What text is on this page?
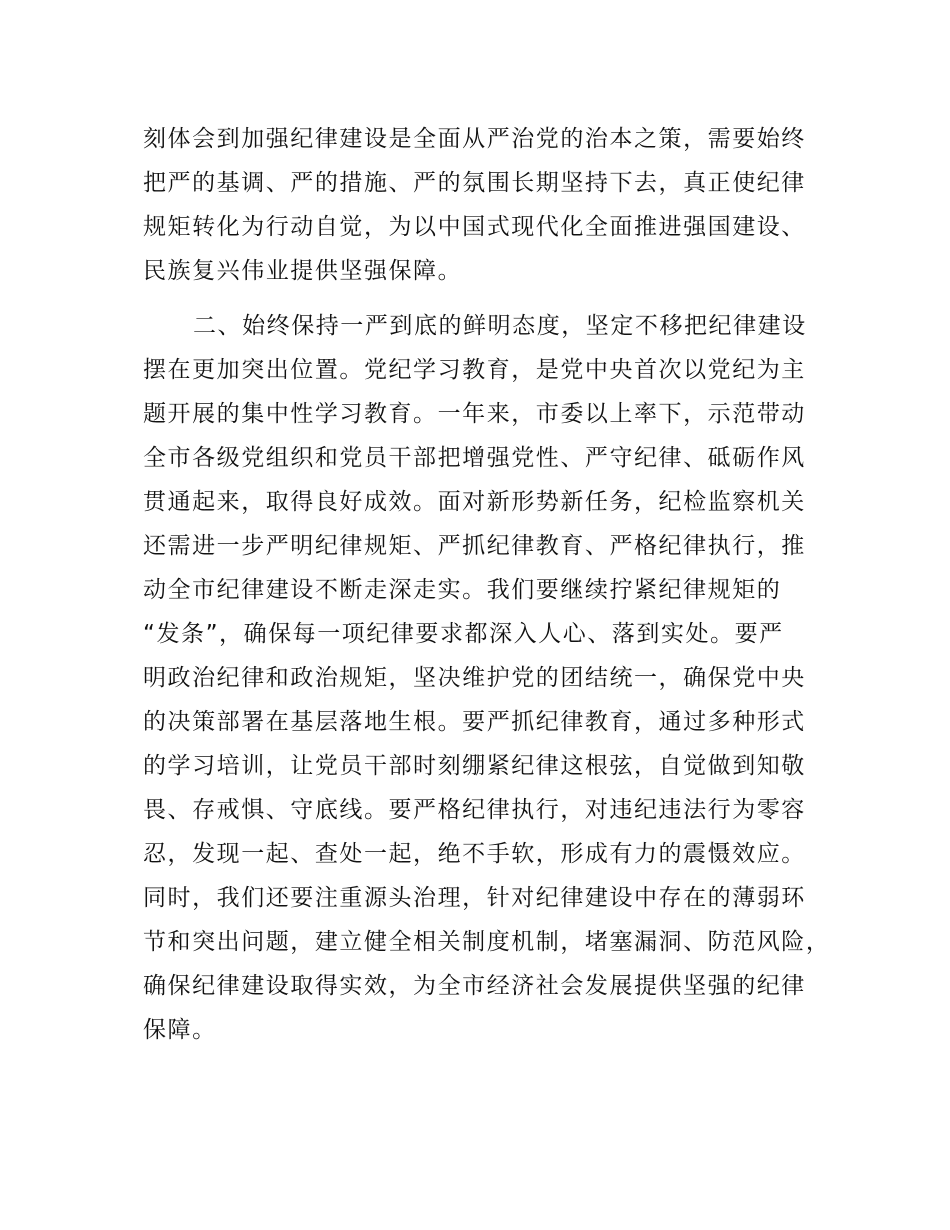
刻体会到加强纪律建设是全面从严治党的治本之策，需要始终
把严的基调、严的措施、严的氛围长期坚持下去，真正使纪律
规矩转化为行动自觉，为以中国式现代化全面推进强国建设、
民族复兴伟业提供坚强保障。
二、始终保持一严到底的鲜明态度，坚定不移把纪律建设
摆在更加突出位置。党纪学习教育，是党中央首次以党纪为主
题开展的集中性学习教育。一年来，市委以上率下，示范带动
全市各级党组织和党员干部把增强党性、严守纪律、砥砺作风
贯通起来，取得良好成效。面对新形势新任务，纪检监察机关
还需进一步严明纪律规矩、严抓纪律教育、严格纪律执行，推
动全市纪律建设不断走深走实。我们要继续拧紧纪律规矩的
“发条”，确保每一项纪律要求都深入人心、落到实处。要严
明政治纪律和政治规矩，坚决维护党的团结统一，确保党中央
的决策部署在基层落地生根。要严抓纪律教育，通过多种形式
的学习培训，让党员干部时刻绷紧纪律这根弦，自觉做到知敬
畏、存戒惧、守底线。要严格纪律执行，对违纪违法行为零容
忍，发现一起、查处一起，绝不手软，形成有力的震慑效应。
同时，我们还要注重源头治理，针对纪律建设中存在的薄弱环
节和突出问题，建立健全相关制度机制，堵塞漏洞、防范风险，
确保纪律建设取得实效，为全市经济社会发展提供坚强的纪律
保障。
